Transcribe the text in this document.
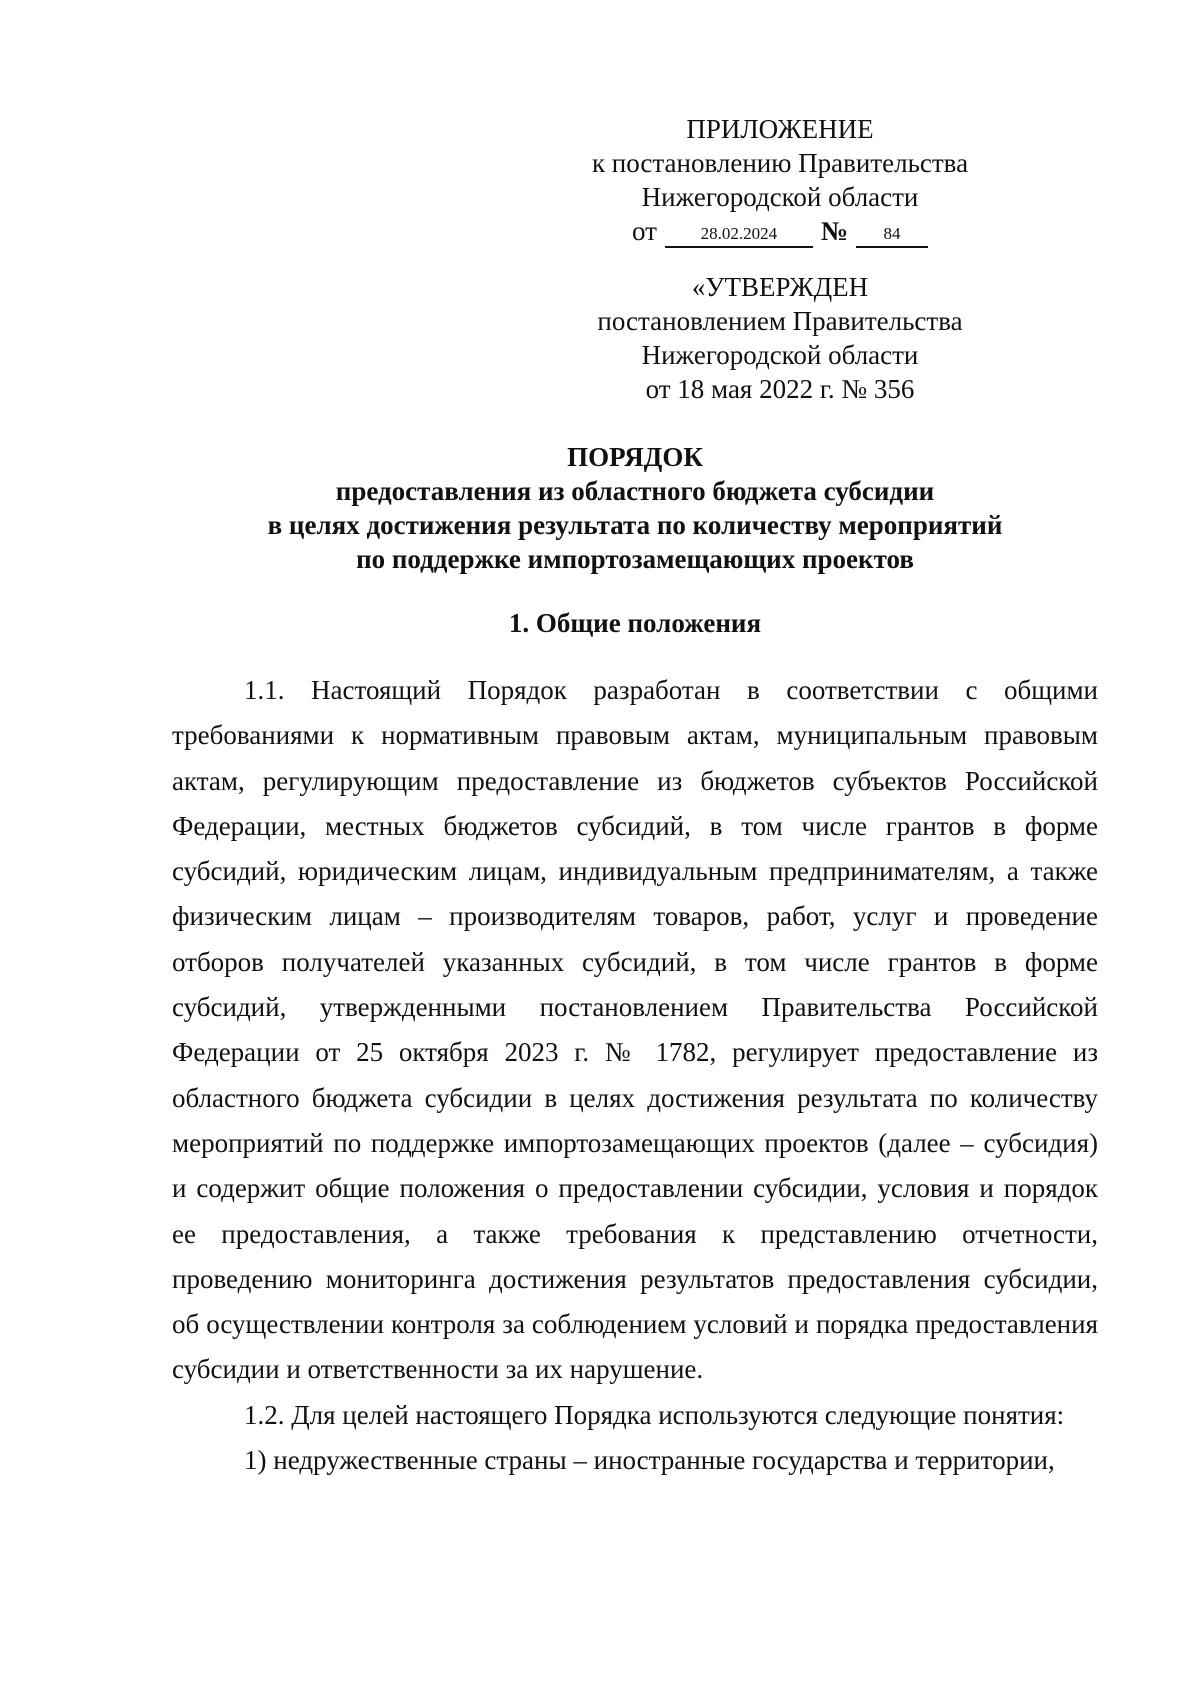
ПРИЛОЖЕНИЕ
к постановлению Правительства
Нижегородской области
от	28.02.2024	№	84
«УТВЕРЖДЕН
постановлением Правительства
Нижегородской области
от 18 мая 2022 г. № 356
ПОРЯДОК
предоставления из областного бюджета субсидии
в целях достижения результата по количеству мероприятий
по поддержке импортозамещающих проектов
1. Общие положения

1.1. Настоящий Порядок разработан в соответствии с общими требованиями к нормативным правовым актам, муниципальным правовым актам, регулирующим предоставление из бюджетов субъектов Российской Федерации, местных бюджетов субсидий, в том числе грантов в форме субсидий, юридическим лицам, индивидуальным предпринимателям, а также физическим лицам – производителям товаров, работ, услуг и проведение отборов получателей указанных субсидий, в том числе грантов в форме субсидий, утвержденными постановлением Правительства Российской Федерации от 25 октября 2023 г. № 1782, регулирует предоставление из областного бюджета субсидии в целях достижения результата по количеству мероприятий по поддержке импортозамещающих проектов (далее – субсидия) и содержит общие положения о предоставлении субсидии, условия и порядок ее предоставления, а также требования к представлению отчетности, проведению мониторинга достижения результатов предоставления субсидии, об осуществлении контроля за соблюдением условий и порядка предоставления субсидии и ответственности за их нарушение.

1.2. Для целей настоящего Порядка используются следующие понятия:

1) недружественные страны – иностранные государства и территории,
